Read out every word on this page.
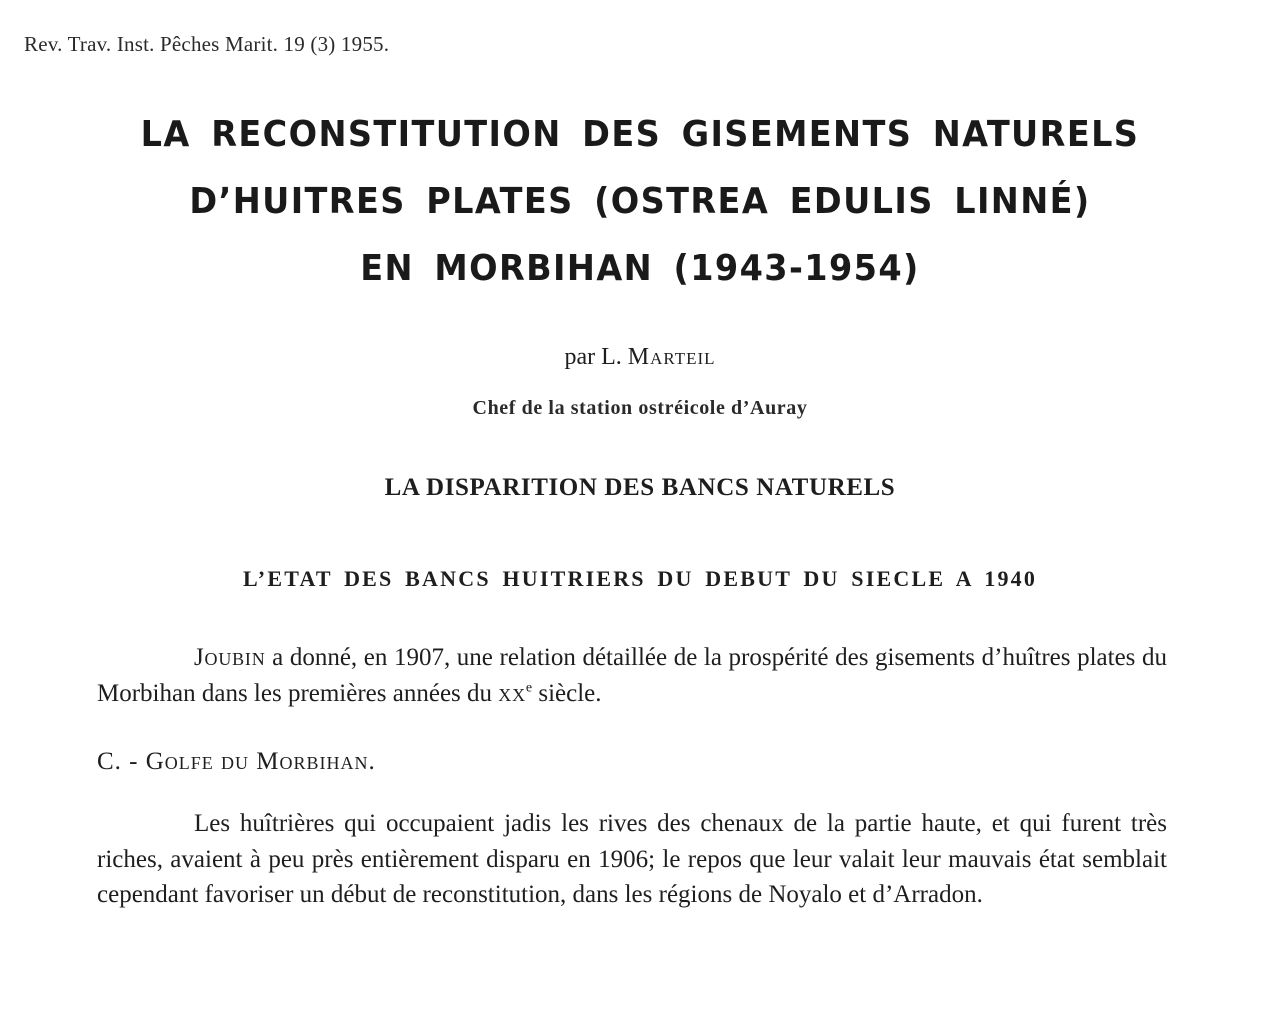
Rev. Trav. Inst. Pêches Marit. 19 (3) 1955.
LA RECONSTITUTION DES GISEMENTS NATURELS
D’HUITRES PLATES (OSTREA EDULIS LINNÉ)
EN MORBIHAN (1943-1954)
par L. Marteil
Chef de la station ostréicole d’Auray
LA DISPARITION DES BANCS NATURELS
L’ETAT DES BANCS HUITRIERS DU DEBUT DU SIECLE A 1940

Joubin a donné, en 1907, une relation détaillée de la prospérité des gisements d’huîtres plates du Morbihan dans les premières années du $xx^e$ siècle.

C. - Golfe du Morbihan.

Les huîtrières qui occupaient jadis les rives des chenaux de la partie haute, et qui furent très riches, avaient à peu près entièrement disparu en 1906; le repos que leur valait leur mauvais état semblait cependant favoriser un début de reconstitution, dans les régions de Noyalo et d’Arradon.
